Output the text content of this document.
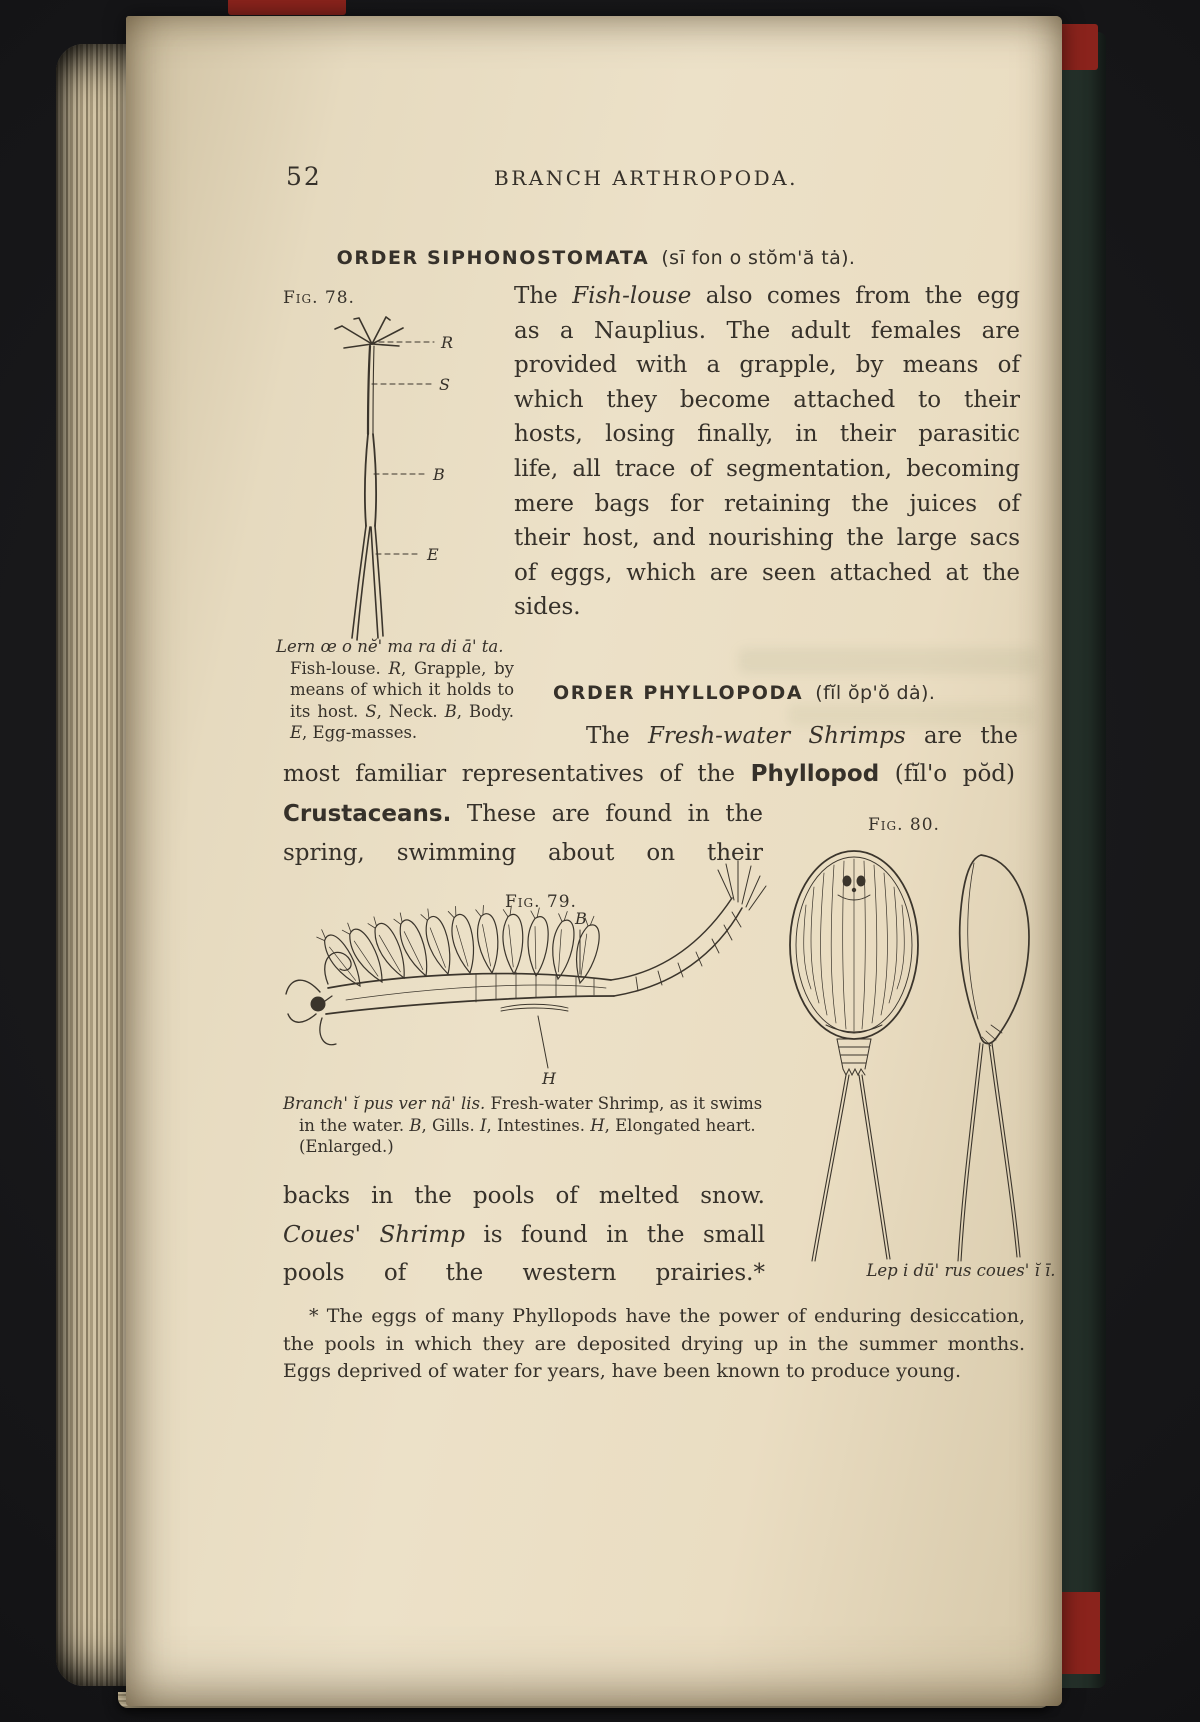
52	BRANCH ARTHROPODA.
ORDER SIPHONOSTOMATA (sī fon o stŏm'ă tȧ).
Fig. 78.
R
S
B
E
Lern œ o nĕ' ma ra di ā' ta.
Fish-louse. R, Grapple, by means of which it holds to its host. S, Neck. B, Body. E, Egg-masses.
The Fish-louse also comes from the egg as a Nauplius. The adult females are provided with a grapple, by means of which they become attached to their hosts, losing finally, in their parasitic life, all trace of segmentation, becoming mere bags for retaining the juices of their host, and nourishing the large sacs of eggs, which are seen attached at the sides.
ORDER PHYLLOPODA (fĭl ŏp'ŏ dȧ).
The Fresh-water Shrimps are the
most familiar representatives of the Phyllopod (fĭl'o pŏd)
Crustaceans. These are found in the spring, swimming about on their
Fig. 80.
Fig. 79.
B
H
Branch' ĭ pus ver nā' lis. Fresh-water Shrimp, as it swims in the water. B, Gills. I, Intestines. H, Elongated heart. (Enlarged.)
backs in the pools of melted snow. Coues' Shrimp is found in the small pools of the western prairies.*	Lep i dū' rus coues' ĭ ī.
* The eggs of many Phyllopods have the power of enduring desiccation, the pools in which they are deposited drying up in the summer months. Eggs deprived of water for years, have been known to produce young.
